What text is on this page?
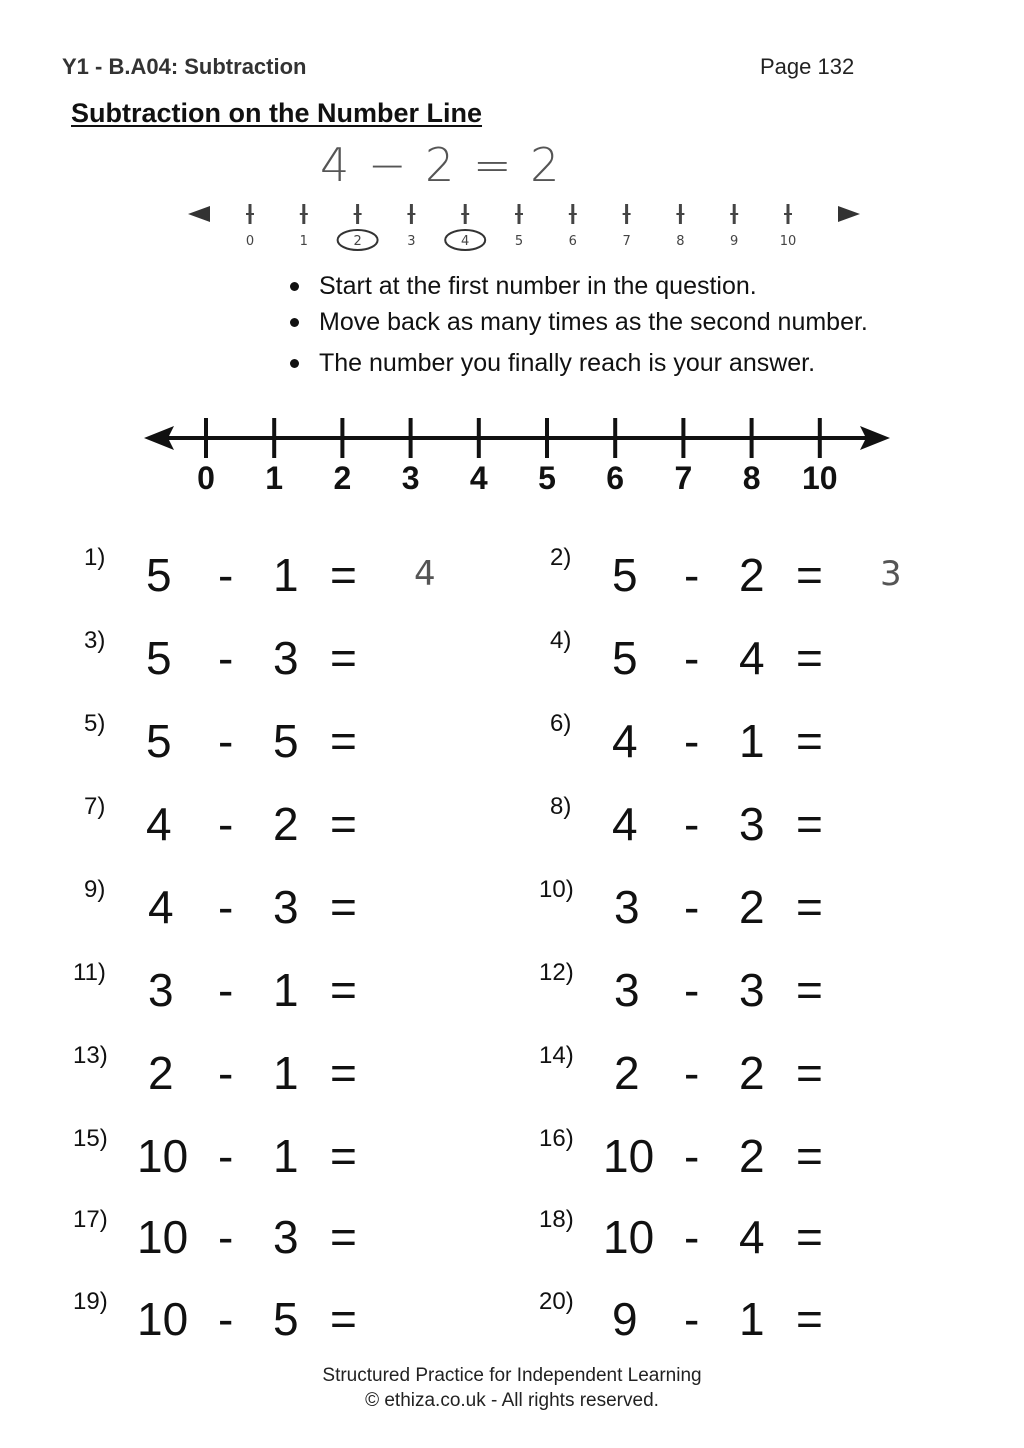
Y1 - B.A04: Subtraction	Page 132
Subtraction on the Number Line
4 − 2 = 2
0	1	2	3	4	5	6	7	8	9	10
Start at the first number in the question.
Move back as many times as the second number.
The number you finally reach is your answer.
0 1 2 3 4 5 6 7 8 10
1) 5 - 1 = 4	2) 5 - 2 = 3
3) 5 - 3 =	4) 5 - 4 =
5) 5 - 5 =	6) 4 - 1 =
7) 4 - 2 =	8) 4 - 3 =
9) 4 - 3 =	10) 3 - 2 =
11) 3 - 1 =	12) 3 - 3 =
13) 2 - 1 =	14) 2 - 2 =
15) 10 - 1 =	16) 10 - 2 =
17) 10 - 3 =	18) 10 - 4 =
19) 10 - 5 =	20) 9 - 1 =
Structured Practice for Independent Learning
© ethiza.co.uk - All rights reserved.
